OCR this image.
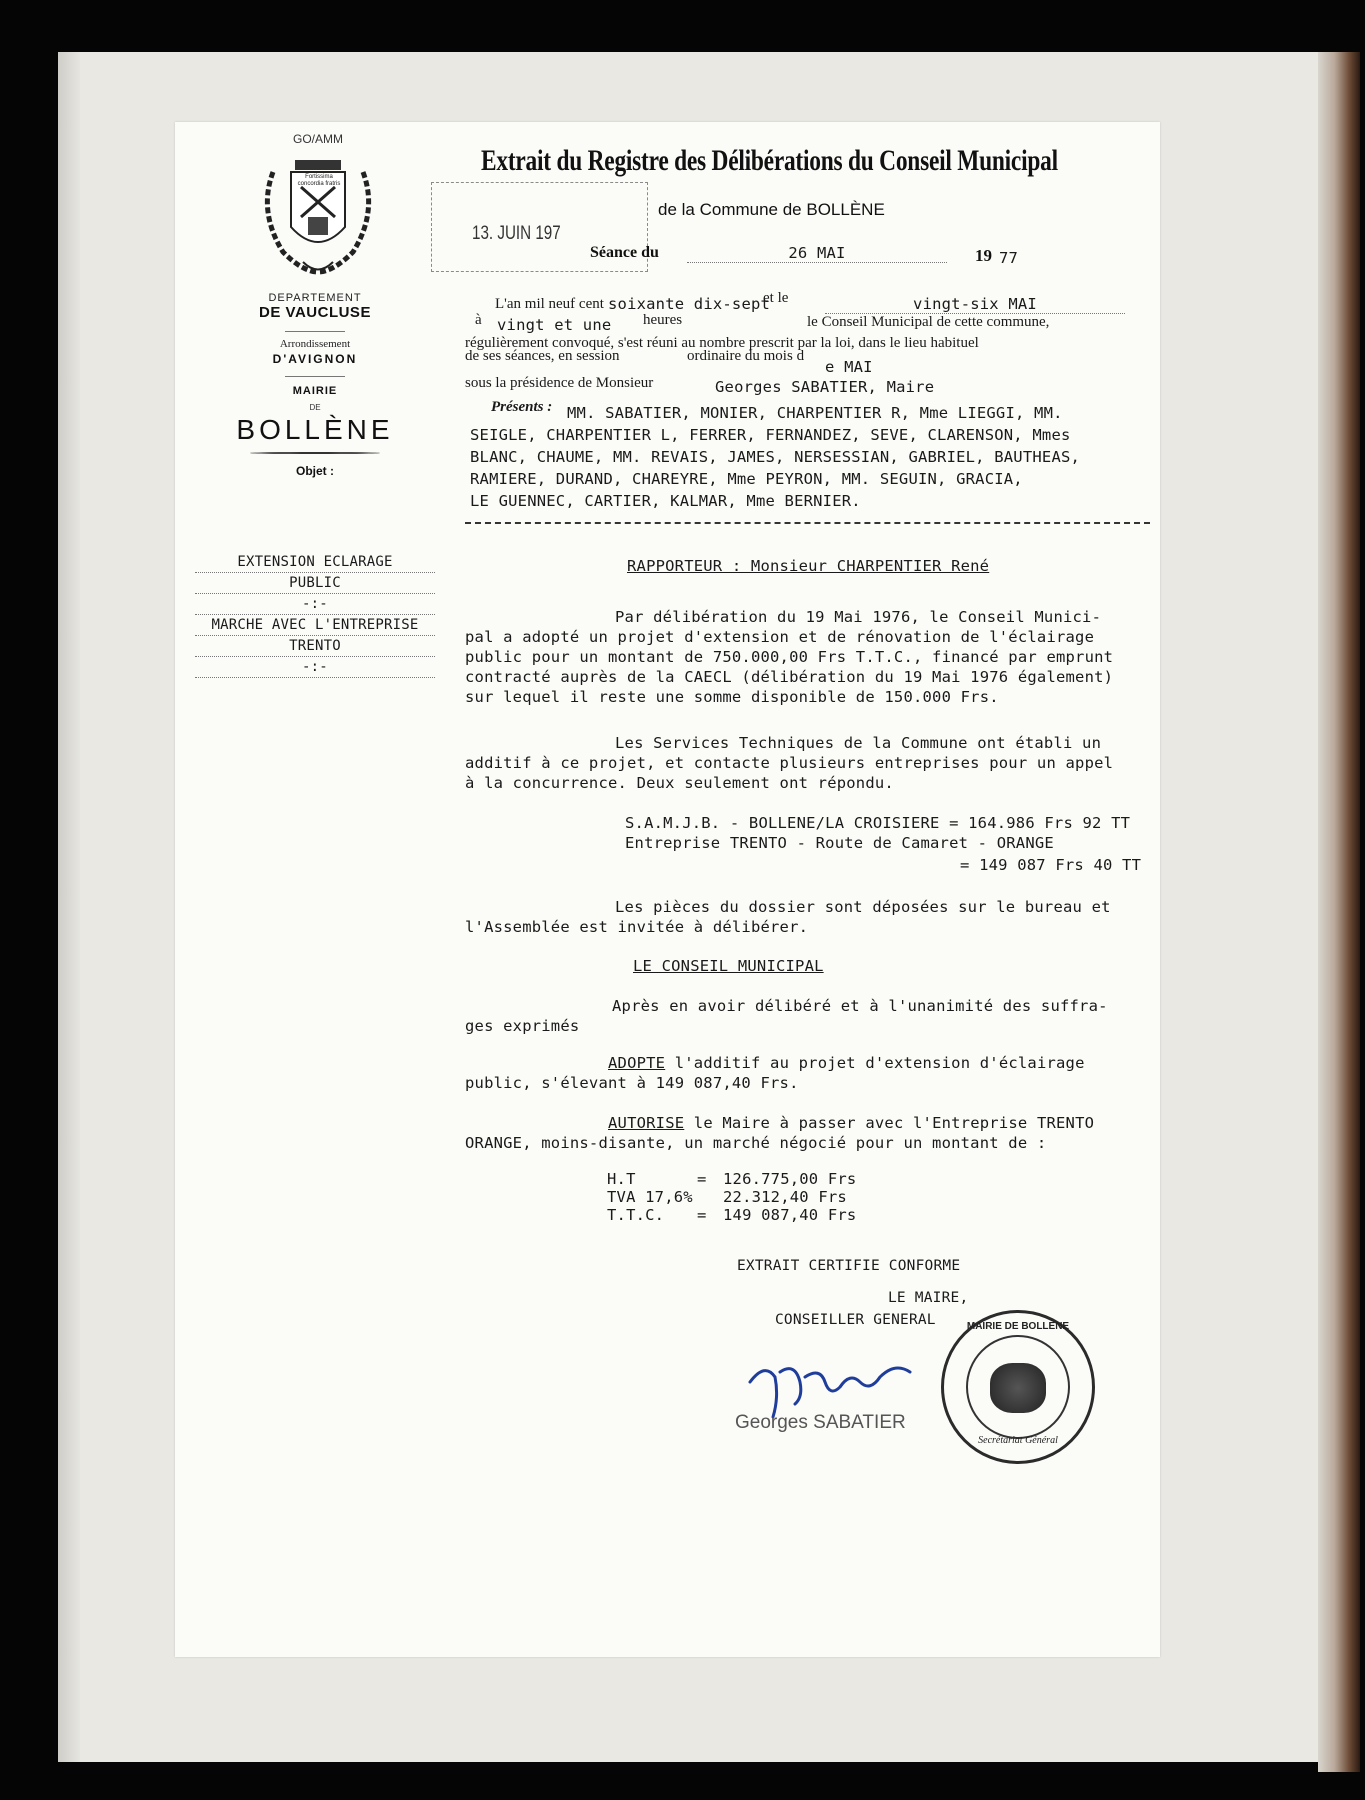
GO/AMM
Fortissima concordia fratris
Extrait du Registre des Délibérations du Conseil Municipal
de la Commune de BOLLÈNE
13. JUIN 197
Séance du	26 MAI	19 77
DEPARTEMENT
DE VAUCLUSE
Arrondissement
D'AVIGNON
MAIRIE
DE
BOLLÈNE
Objet :
EXTENSION ECLARAGE
PUBLIC
-:-
MARCHE AVEC L'ENTREPRISE
TRENTO
-:-
L'an mil neuf cent soixante dix-sept
et le	vingt-six MAI
à vingt et une heures	le Conseil Municipal de cette commune,
régulièrement convoqué, s'est réuni au nombre prescrit par la loi, dans le lieu habituel
de ses séances, en session	ordinaire du mois d
e MAI
sous la présidence de Monsieur	Georges SABATIER, Maire
Présents : MM. SABATIER, MONIER, CHARPENTIER R, Mme LIEGGI, MM.
SEIGLE, CHARPENTIER L, FERRER, FERNANDEZ, SEVE, CLARENSON, Mmes
BLANC, CHAUME, MM. REVAIS, JAMES, NERSESSIAN, GABRIEL, BAUTHEAS,
RAMIERE, DURAND, CHAREYRE, Mme PEYRON, MM. SEGUIN, GRACIA,
LE GUENNEC, CARTIER, KALMAR, Mme BERNIER.
RAPPORTEUR : Monsieur CHARPENTIER René
Par délibération du 19 Mai 1976, le Conseil Munici-
pal a adopté un projet d'extension et de rénovation de l'éclairage
public pour un montant de 750.000,00 Frs T.T.C., financé par emprunt
contracté auprès de la CAECL (délibération du 19 Mai 1976 également)
sur lequel il reste une somme disponible de 150.000 Frs.
Les Services Techniques de la Commune ont établi un
additif à ce projet, et contacte plusieurs entreprises pour un appel
à la concurrence. Deux seulement ont répondu.
S.A.M.J.B. - BOLLENE/LA CROISIERE = 164.986 Frs 92 TT
Entreprise TRENTO - Route de Camaret - ORANGE
= 149 087 Frs 40 TT
Les pièces du dossier sont déposées sur le bureau et
l'Assemblée est invitée à délibérer.
LE CONSEIL MUNICIPAL
Après en avoir délibéré et à l'unanimité des suffra-
ges exprimés
ADOPTE l'additif au projet d'extension d'éclairage
public, s'élevant à 149 087,40 Frs.
AUTORISE le Maire à passer avec l'Entreprise TRENTO
ORANGE, moins-disante, un marché négocié pour un montant de :
H.T	= 126.775,00 Frs
TVA 17,6% 22.312,40 Frs
T.T.C. = 149 087,40 Frs
EXTRAIT CERTIFIE CONFORME
LE MAIRE,
CONSEILLER GENERAL
Georges SABATIER
MAIRIE DE BOLLÈNE
Secrétariat Général
